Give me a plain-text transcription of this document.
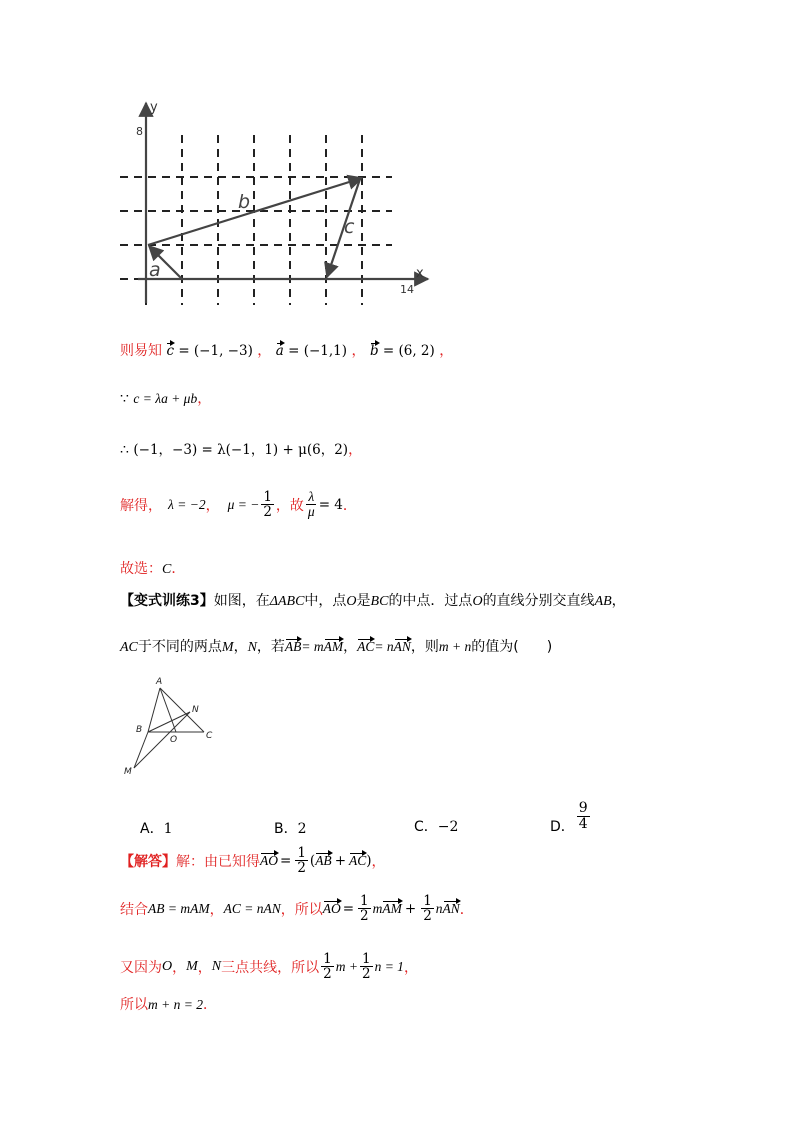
y
8
x
14
a
b
c
则易知 c = (−1, −3) ， a = (−1,1) ， b = (6, 2) ，
∵ c = λa + μb，
∴ (−1，−3) = λ(−1，1) + μ(6，2)，
解得， λ = −2 ， μ = − $\frac{1}{2}$ ，故 $\frac{\lambda}{\mu} = 4$ ．
故选：C．
【变式训练3】如图，在ΔABC中，点O是BC的中点．过点O的直线分别交直线AB，
AC于不同的两点M，N，若AB= mAM，AC= nAN，则m + n的值为(　　)
A
B
C
O
N
M
A．1	B．2	C．−2	D． $\frac{9}{4}$
【解答】 解：由已知得 AO = $\frac{1}{2}$ ( AB + AC ) ，
结合 AB = mAM ， AC = nAN ，所以 AO = $\frac{1}{2}$ m AM + $\frac{1}{2}$ n AN ．
又因为 O ， M ， N 三点共线，所以 $\frac{1}{2}$ $m + \frac{1}{2}$ n = 1 ，
所以m + n = 2．
